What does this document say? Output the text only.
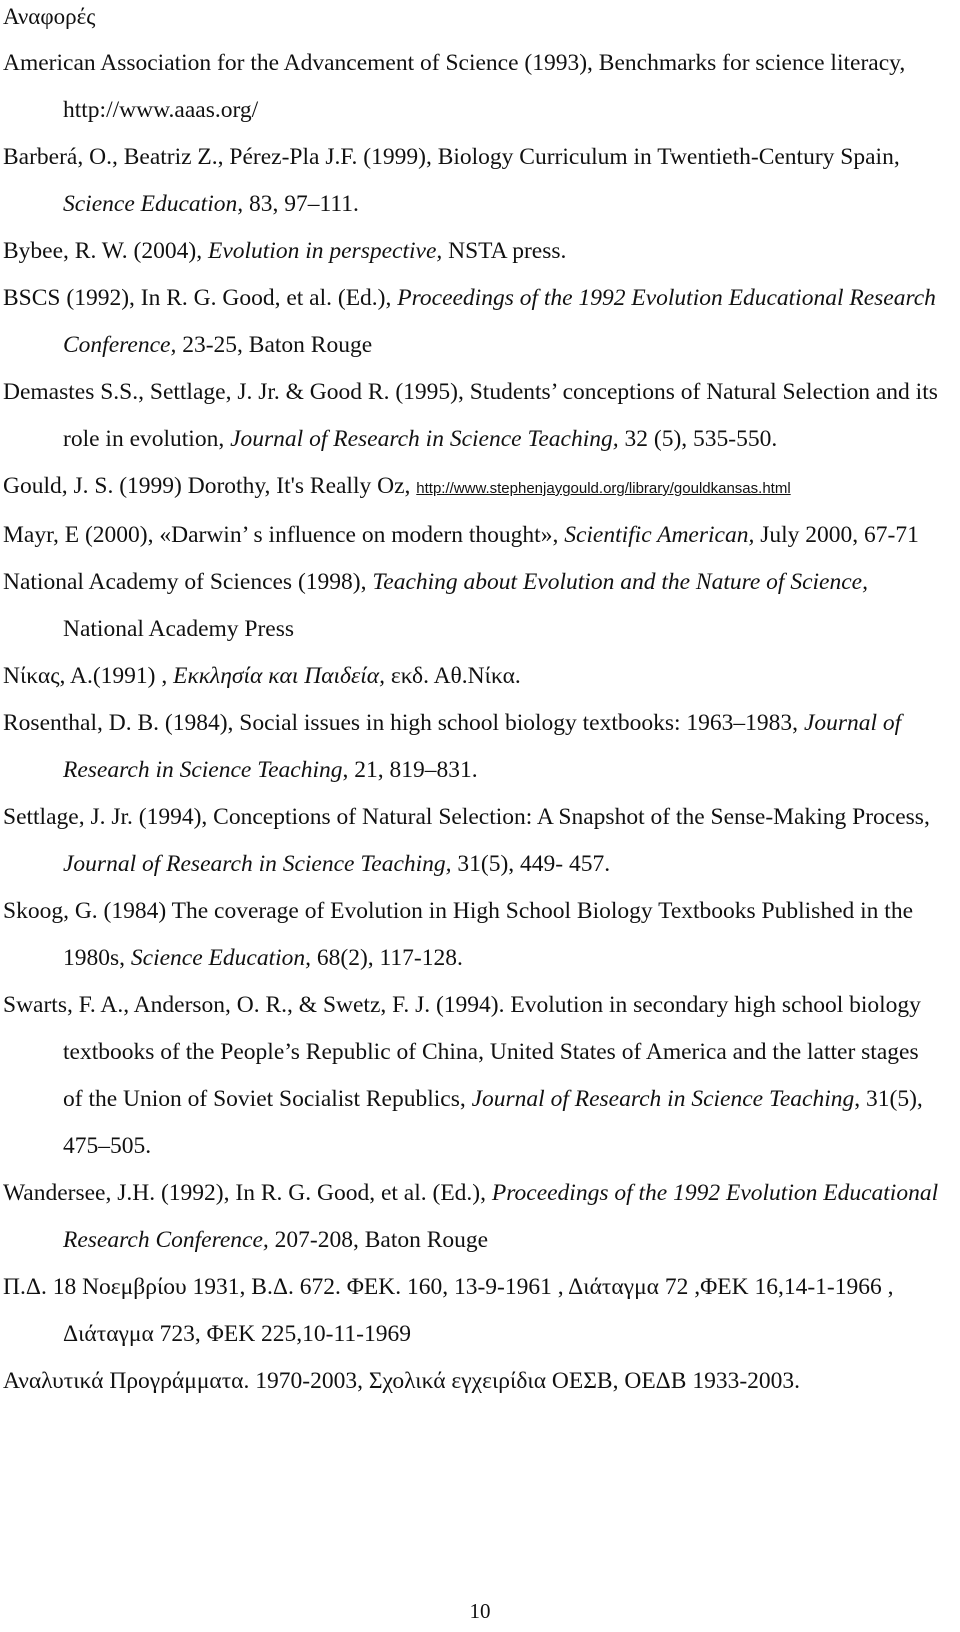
Αναφορές
American Association for the Advancement of Science (1993), Benchmarks for science literacy, http://www.aaas.org/
Barberá, O., Beatriz Z., Pérez-Pla J.F. (1999), Biology Curriculum in Twentieth-Century Spain, Science Education, 83, 97–111.
Bybee, R. W. (2004), Evolution in perspective, NSTA press.
BSCS (1992), In R. G. Good, et al. (Ed.), Proceedings of the 1992 Evolution Educational Research Conference, 23-25, Baton Rouge
Demastes S.S., Settlage, J. Jr. & Good R. (1995), Students’ conceptions of Natural Selection and its role in evolution, Journal of Research in Science Teaching, 32 (5), 535-550.
Gould, J. S. (1999) Dorothy, It's Really Oz, http://www.stephenjaygould.org/library/gouldkansas.html
Mayr, E (2000), «Darwin’ s influence on modern thought», Scientific American, July 2000, 67-71
National Academy of Sciences (1998), Teaching about Evolution and the Nature of Science, National Academy Press
Νίκας, Α.(1991) , Εκκλησία και Παιδεία, εκδ. Αθ.Νίκα.
Rosenthal, D. B. (1984), Social issues in high school biology textbooks: 1963–1983, Journal of Research in Science Teaching, 21, 819–831.
Settlage, J. Jr. (1994), Conceptions of Natural Selection: A Snapshot of the Sense-Making Process, Journal of Research in Science Teaching, 31(5), 449- 457.
Skoog, G. (1984) The coverage of Evolution in High School Biology Textbooks Published in the 1980s, Science Education, 68(2), 117-128.
Swarts, F. A., Anderson, O. R., & Swetz, F. J. (1994). Evolution in secondary high school biology textbooks of the People’s Republic of China, United States of America and the latter stages of the Union of Soviet Socialist Republics, Journal of Research in Science Teaching, 31(5), 475–505.
Wandersee, J.H. (1992), In R. G. Good, et al. (Ed.), Proceedings of the 1992 Evolution Educational Research Conference, 207-208, Baton Rouge
Π.Δ. 18 Νοεμβρίου 1931, Β.Δ. 672. ΦΕΚ. 160, 13-9-1961 , Διάταγμα 72 ,ΦΕΚ 16,14-1-1966 , Διάταγμα 723, ΦΕΚ 225,10-11-1969
Αναλυτικά Προγράμματα. 1970-2003, Σχολικά εγχειρίδια ΟΕΣΒ, ΟΕΔΒ 1933-2003.
10
